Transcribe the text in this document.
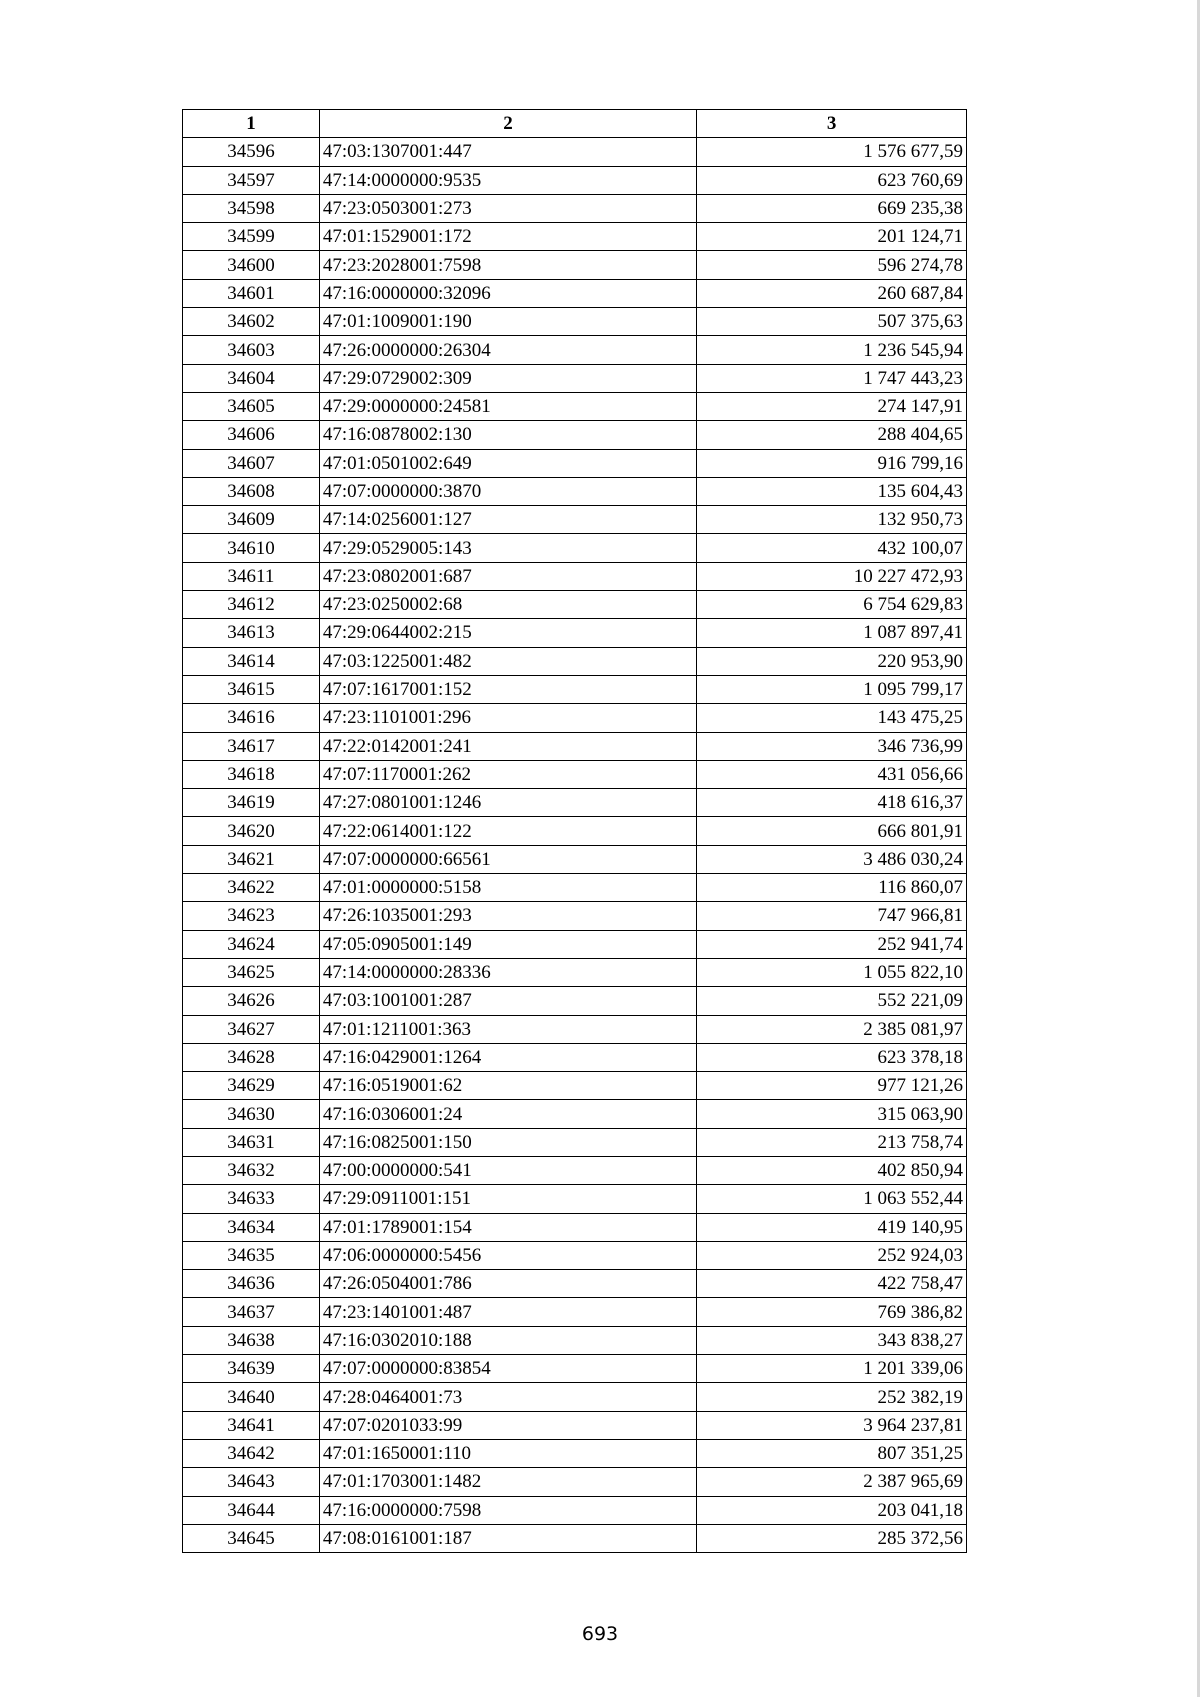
1	2	3
34596	47:03:1307001:447	1 576 677,59
34597	47:14:0000000:9535	623 760,69
34598	47:23:0503001:273	669 235,38
34599	47:01:1529001:172	201 124,71
34600	47:23:2028001:7598	596 274,78
34601	47:16:0000000:32096	260 687,84
34602	47:01:1009001:190	507 375,63
34603	47:26:0000000:26304	1 236 545,94
34604	47:29:0729002:309	1 747 443,23
34605	47:29:0000000:24581	274 147,91
34606	47:16:0878002:130	288 404,65
34607	47:01:0501002:649	916 799,16
34608	47:07:0000000:3870	135 604,43
34609	47:14:0256001:127	132 950,73
34610	47:29:0529005:143	432 100,07
34611	47:23:0802001:687	10 227 472,93
34612	47:23:0250002:68	6 754 629,83
34613	47:29:0644002:215	1 087 897,41
34614	47:03:1225001:482	220 953,90
34615	47:07:1617001:152	1 095 799,17
34616	47:23:1101001:296	143 475,25
34617	47:22:0142001:241	346 736,99
34618	47:07:1170001:262	431 056,66
34619	47:27:0801001:1246	418 616,37
34620	47:22:0614001:122	666 801,91
34621	47:07:0000000:66561	3 486 030,24
34622	47:01:0000000:5158	116 860,07
34623	47:26:1035001:293	747 966,81
34624	47:05:0905001:149	252 941,74
34625	47:14:0000000:28336	1 055 822,10
34626	47:03:1001001:287	552 221,09
34627	47:01:1211001:363	2 385 081,97
34628	47:16:0429001:1264	623 378,18
34629	47:16:0519001:62	977 121,26
34630	47:16:0306001:24	315 063,90
34631	47:16:0825001:150	213 758,74
34632	47:00:0000000:541	402 850,94
34633	47:29:0911001:151	1 063 552,44
34634	47:01:1789001:154	419 140,95
34635	47:06:0000000:5456	252 924,03
34636	47:26:0504001:786	422 758,47
34637	47:23:1401001:487	769 386,82
34638	47:16:0302010:188	343 838,27
34639	47:07:0000000:83854	1 201 339,06
34640	47:28:0464001:73	252 382,19
34641	47:07:0201033:99	3 964 237,81
34642	47:01:1650001:110	807 351,25
34643	47:01:1703001:1482	2 387 965,69
34644	47:16:0000000:7598	203 041,18
34645	47:08:0161001:187	285 372,56
693
